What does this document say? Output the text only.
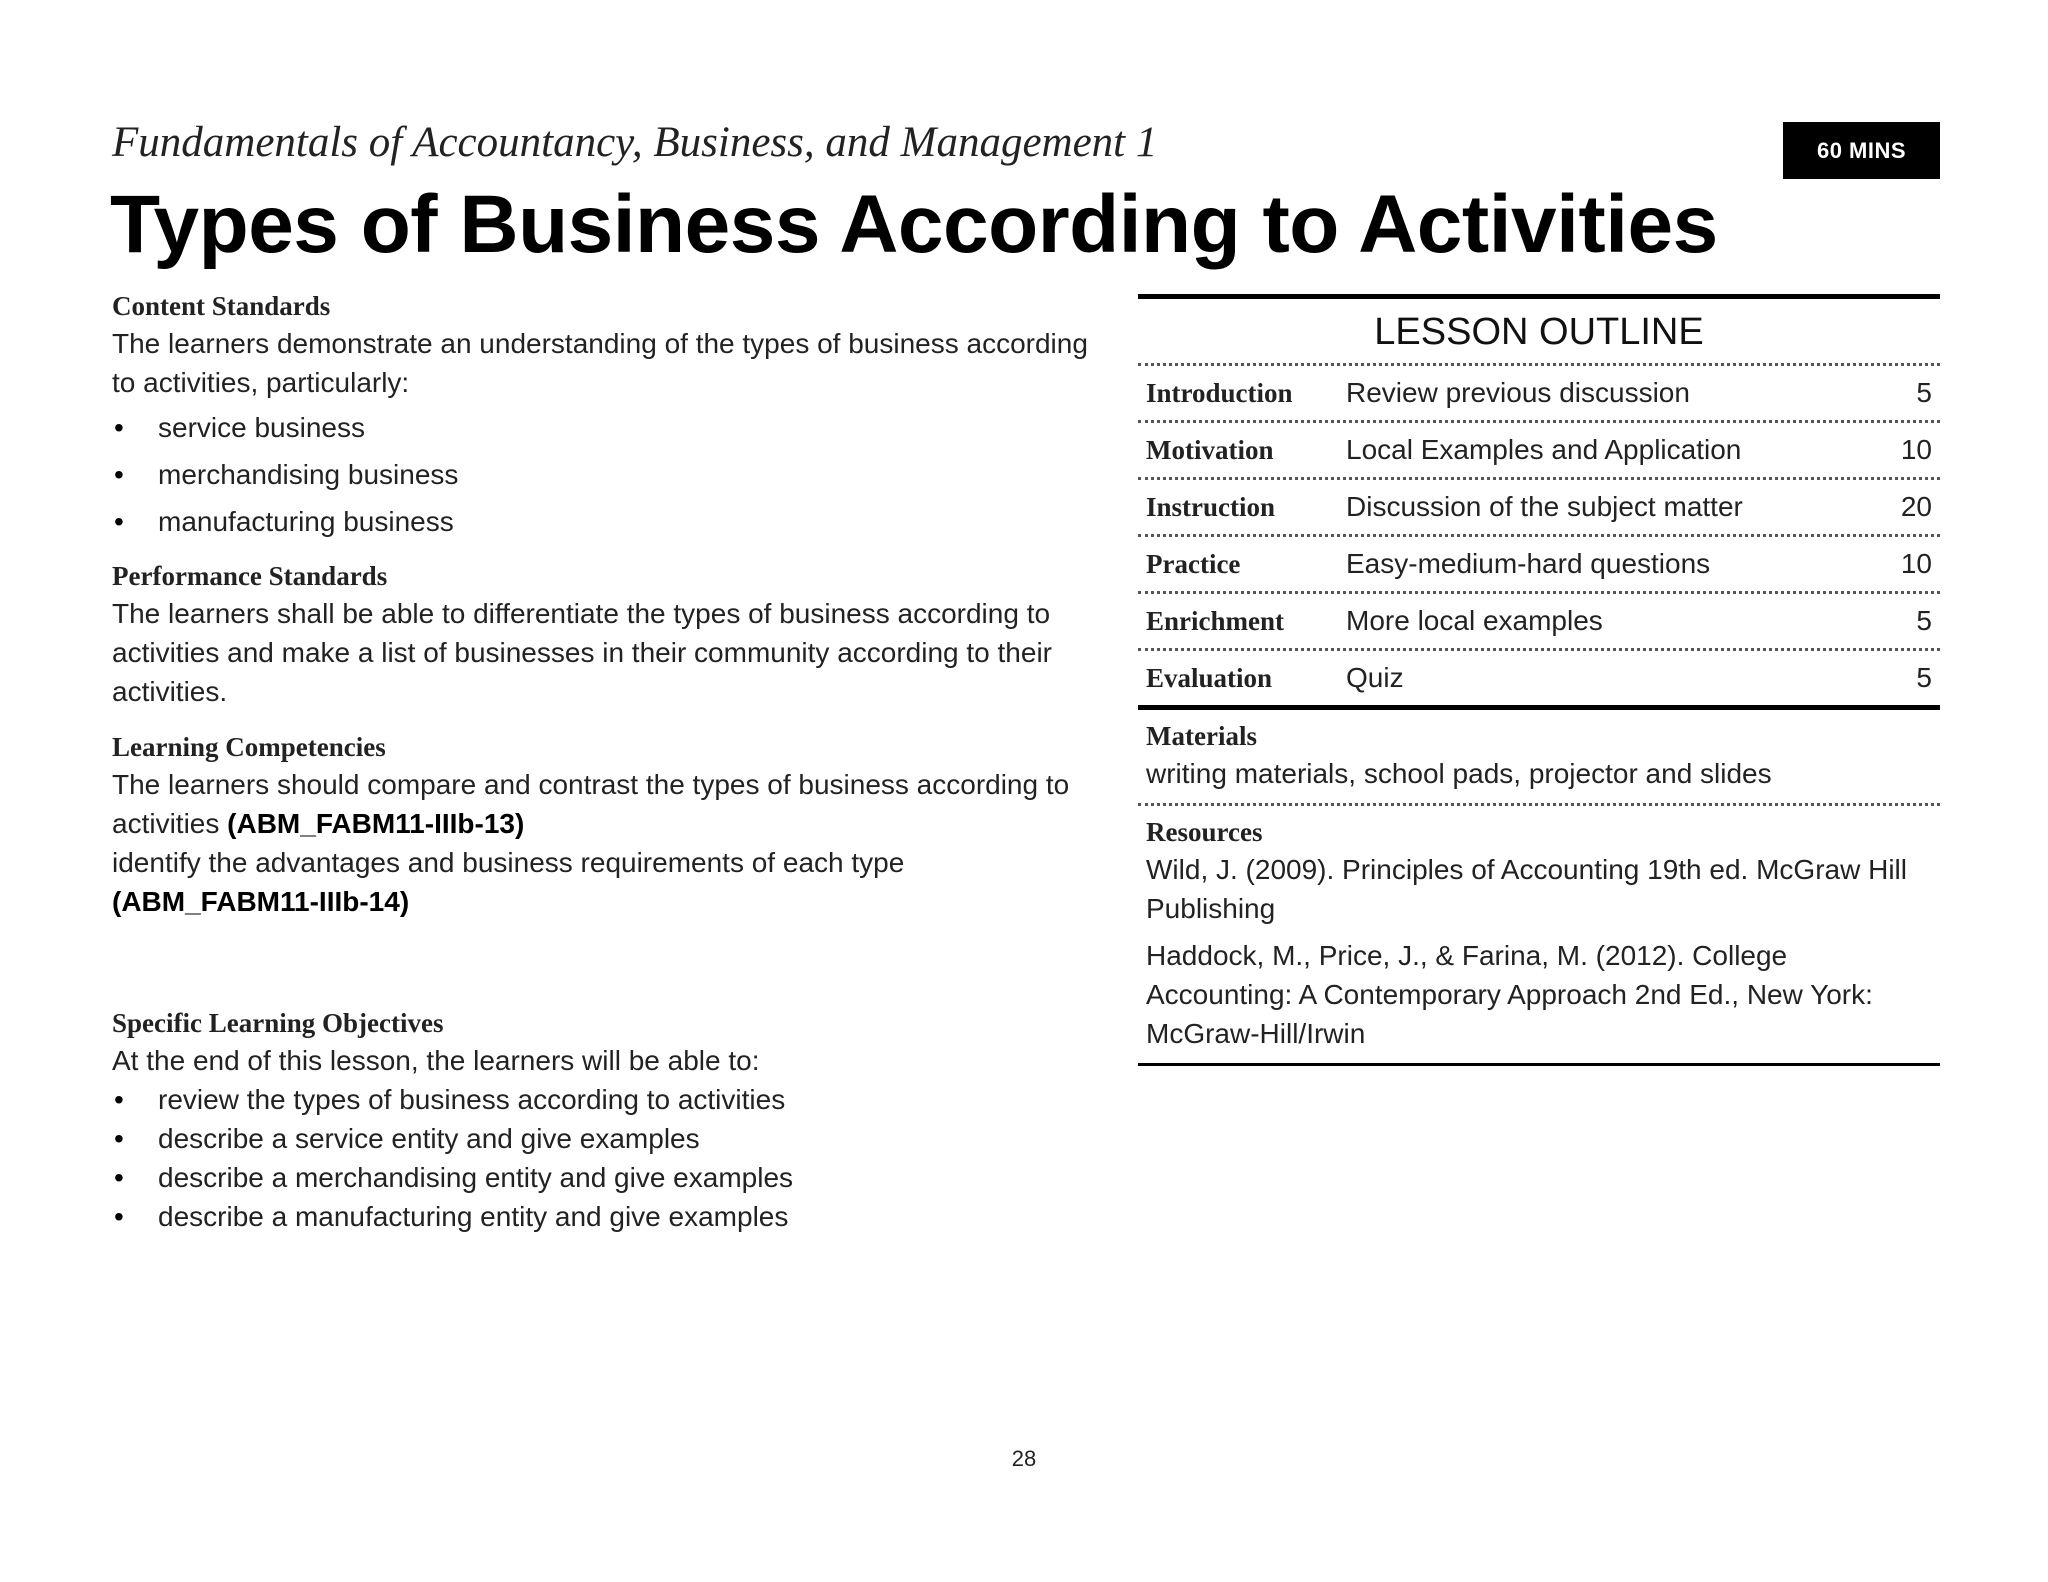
Fundamentals of Accountancy, Business, and Management 1	60 MINS
Types of Business According to Activities

Content Standards

The learners demonstrate an understanding of the types of business according to activities, particularly:

• service business
• merchandising business
• manufacturing business

Performance Standards

The learners shall be able to differentiate the types of business according to activities and make a list of businesses in their community according to their activities.

Learning Competencies

The learners should compare and contrast the types of business according to activities (ABM_FABM11-IIIb-13)
identify the advantages and business requirements of each type
(ABM_FABM11-IIIb-14)

Specific Learning Objectives

At the end of this lesson, the learners will be able to:

• review the types of business according to activities
• describe a service entity and give examples
• describe a merchandising entity and give examples
• describe a manufacturing entity and give examples
LESSON OUTLINE
Introduction	Review previous discussion	5
Motivation	Local Examples and Application	10
Instruction	Discussion of the subject matter	20
Practice	Easy-medium-hard questions	10
Enrichment	More local examples	5
Evaluation	Quiz	5

Materials

writing materials, school pads, projector and slides

Resources

Wild, J. (2009). Principles of Accounting 19th ed. McGraw Hill Publishing

Haddock, M., Price, J., & Farina, M. (2012). College Accounting: A Contemporary Approach 2nd Ed., New York: McGraw-Hill/Irwin

28
